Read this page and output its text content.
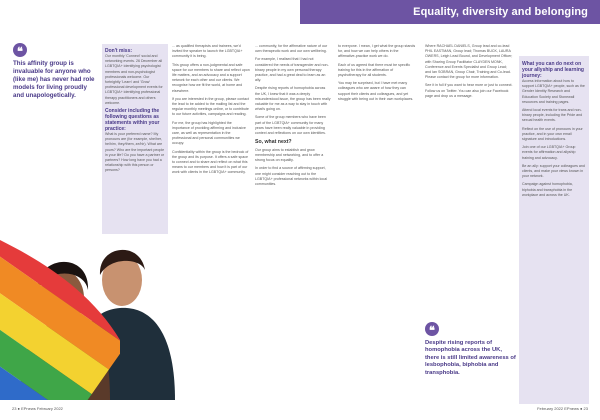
Equality, diversity and belonging
❝
This affinity group is invaluable for anyone who (like me) has never had role models for living proudly and unapologetically.
Don't miss:
Our monthly 'Connect' social and networking events. 26 December all LGBTQIA+ identifying psychologist members and non-psychologist professionals welcome. Our fortnightly 'Learn' and 'Grow' professional development events for LGBTQIA+ identifying professional therapy practitioners and others welcome.
Consider including the following questions as statements within your practice:
What is your preferred name? My pronouns are (for example, she/her, he/him, they/them, ze/hir). What are yours? Who are the important people in your life? Do you have a partner or partners? How long have you had a relationship with this person or persons?

... as qualified therapists and trainees, we'd invited the speaker to launch the LGBTQIA+ community it is being.

This group offers a non-judgmental and safe space for our members to share and reflect upon life matters, and an advocacy and a support network for each other and our clients. We recognise how we fit the world, at home and elsewhere.

If you are interested in the group, please contact the lead to be added to the mailing list and the regular monthly meetings online, or to contribute to our future activities, campaigns and reading.

For me, the group has highlighted the importance of providing affirming and inclusive care, as well as representation in the professional and personal communities we occupy.

Confidentiality within the group is the bedrock of the group and its purpose. It offers a safe space to connect and to share and reflect on what this means to our members and how it is part of our work with clients in the LGBTQIA+ community.

... community, for the affirmative nature of our own therapeutic work and our own wellbeing.

For example, I realised that I had not considered the needs of transgender and non-binary people in my own personal therapy practice, and had a great deal to learn as an ally.

Despite rising reports of homophobia across the UK, I knew that it was a deeply misunderstood issue, the group has been really valuable for me as a way to stay in touch with what's going on.

Some of the group members who have been part of the LGBTQIA+ community for many years have been really valuable in providing context and reflections on our own identities.

So, what next?

Our group aims to establish and grow membership and networking, and to offer a strong focus on equality.

In order to find a source of affirming support, one might consider reaching out to the LGBTQIA+ professional networks within local communities.

23 ● EPnews February 2022

to everyone. I mean, I get what the group stands for, and how we can help others in the affirmative-practice work we do.

Each of us agreed that there must be specific training for this in the affirmation of psychotherapy for all students.

You may be surprised, but I have met many colleagues who are aware of how they can support their clients and colleagues, and yet struggle with being out in their own workplaces.

Where RACHAEL DANIELS, Group lead and co-lead PHIL EASTMAN, Group lead; Thomas BUCK, LAURA OWERS, Leigh Lead Bound, and Development Officer; with Sharing Group Facilitator CLAYDEN MONK, Conference and Events Specialist and Group Lead; and Ian SOBRAN, Group Chair, Training and Co-lead. Please contact the group for more information.

See it in full if you want to hear more or just to connect. Follow us on Twitter. You can also join our Facebook page and drop us a message.

❝
Despite rising reports of homophobia across the UK, there is still limited awareness of lesbophobia, biphobia and transphobia.
What you can do next on your allyship and learning journey:

Access information about how to support LGBTQIA+ people, such as the Gender Identity Research and Education Society and Stonewall resources and training pages.

Attend local events for trans and non-binary people, including the Pride and sexual health events.

Reflect on the use of pronouns in your practice, and in your own email signature and introductions.

Join one of our LGBTQIA+ Group events for affirmation and allyship training and advocacy.

Be an ally: support your colleagues and clients, and make your views known in your network.

Campaign against homophobia, biphobia and transphobia in the workplace and across the UK.

February 2022 EPnews ● 23
